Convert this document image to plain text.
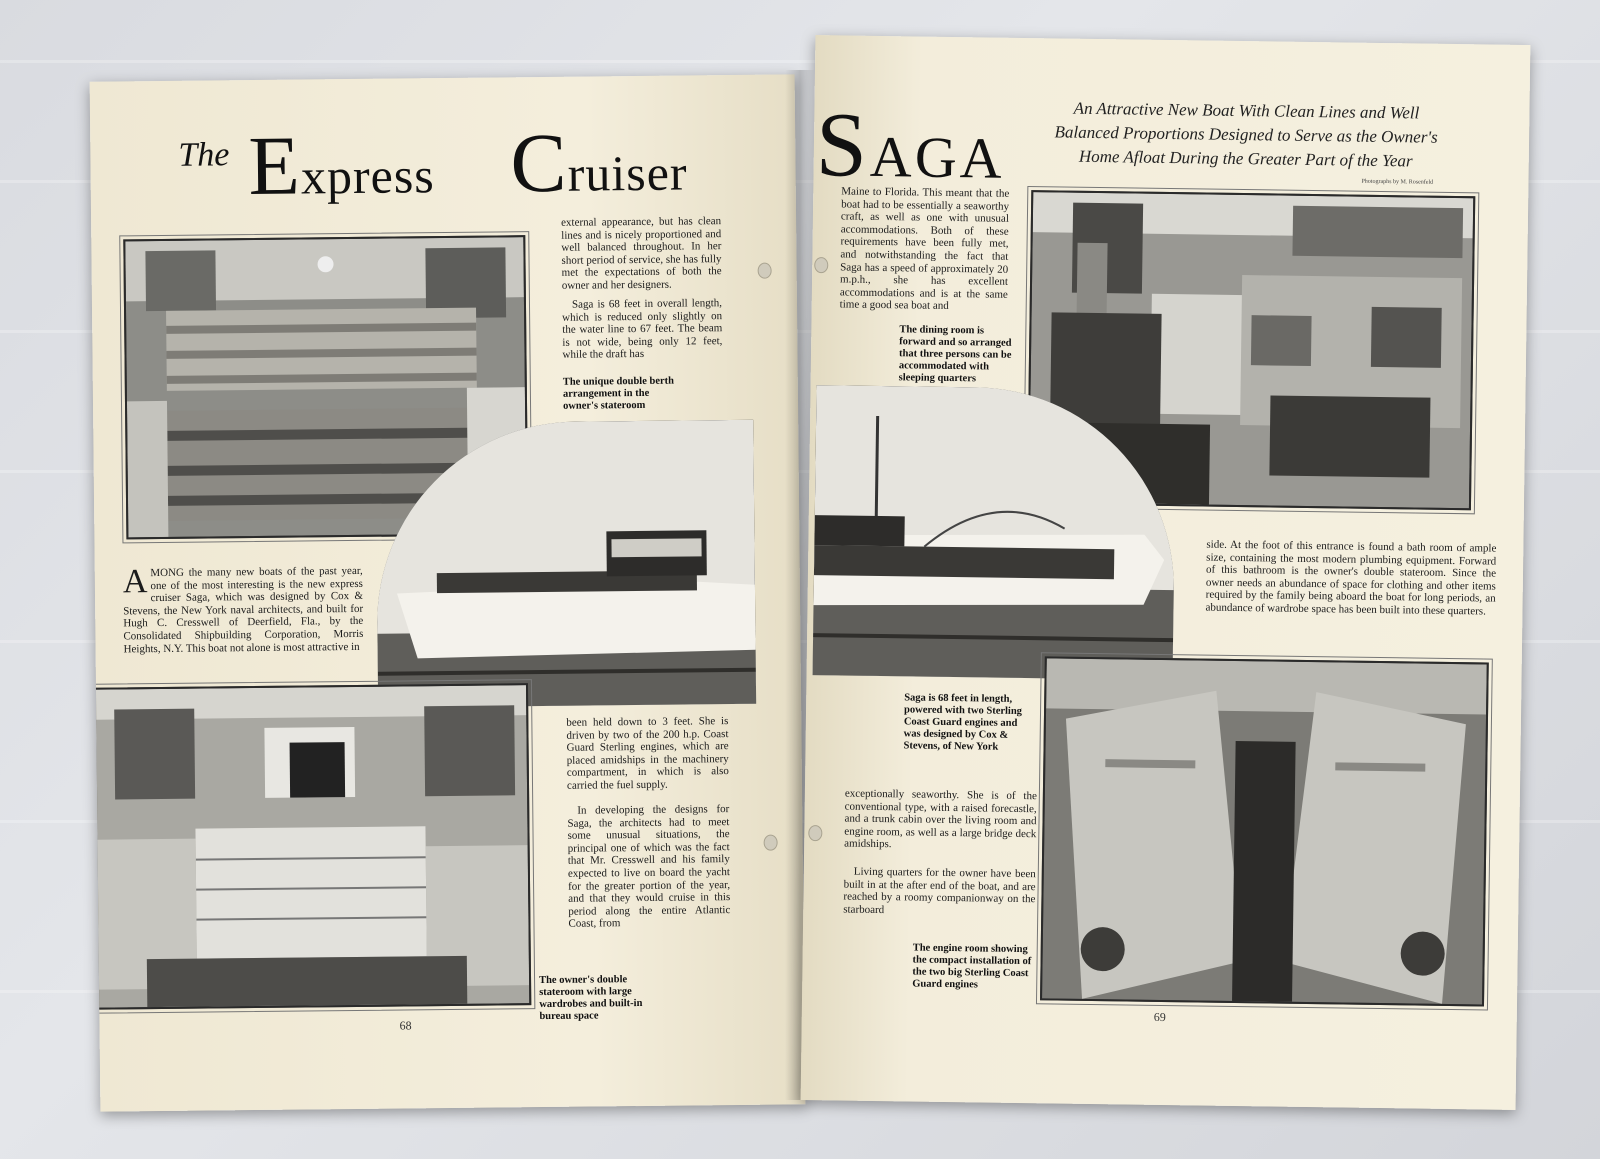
The Express Cruiser

external appearance, but has clean lines and is nicely proportioned and well balanced throughout. In her short period of service, she has fully met the expectations of both the owner and her designers.

Saga is 68 feet in overall length, which is reduced only slightly on the water line to 67 feet. The beam is not wide, being only 12 feet, while the draft has

The unique double berth arrangement in the owner's stateroom

AMONG the many new boats of the past year, one of the most interesting is the new express cruiser Saga, which was designed by Cox & Stevens, the New York naval architects, and built for Hugh C. Cresswell of Deerfield, Fla., by the Consolidated Shipbuilding Corporation, Morris Heights, N.Y. This boat not alone is most attractive in

been held down to 3 feet. She is driven by two of the 200 h.p. Coast Guard Sterling engines, which are placed amidships in the machinery compartment, in which is also carried the fuel supply.

In developing the designs for Saga, the architects had to meet some unusual situations, the principal one of which was the fact that Mr. Cresswell and his family expected to live on board the yacht for the greater portion of the year, and that they would cruise in this period along the entire Atlantic Coast, from

The owner's double stateroom with large wardrobes and built-in bureau space

68
SAGA

An Attractive New Boat With Clean Lines and Well
Balanced Proportions Designed to Serve as the Owner's
Home Afloat During the Greater Part of the Year

Photographs by M. Rosenfeld

Maine to Florida. This meant that the boat had to be essentially a seaworthy craft, as well as one with unusual accommodations. Both of these requirements have been fully met, and notwithstanding the fact that Saga has a speed of approximately 20 m.p.h., she has excellent accommodations and is at the same time a good sea boat and

The dining room is forward and so arranged that three persons can be accommodated with sleeping quarters

side. At the foot of this entrance is found a bath room of ample size, containing the most modern plumbing equipment. Forward of this bathroom is the owner's double stateroom. Since the owner needs an abundance of space for clothing and other items required by the family being aboard the boat for long periods, an abundance of wardrobe space has been built into these quarters.

Saga is 68 feet in length, powered with two Sterling Coast Guard engines and was designed by Cox & Stevens, of New York

exceptionally seaworthy. She is of the conventional type, with a raised forecastle, and a trunk cabin over the living room and engine room, as well as a large bridge deck amidships.

Living quarters for the owner have been built in at the after end of the boat, and are reached by a roomy companionway on the starboard

The engine room showing the compact installation of the two big Sterling Coast Guard engines

69
